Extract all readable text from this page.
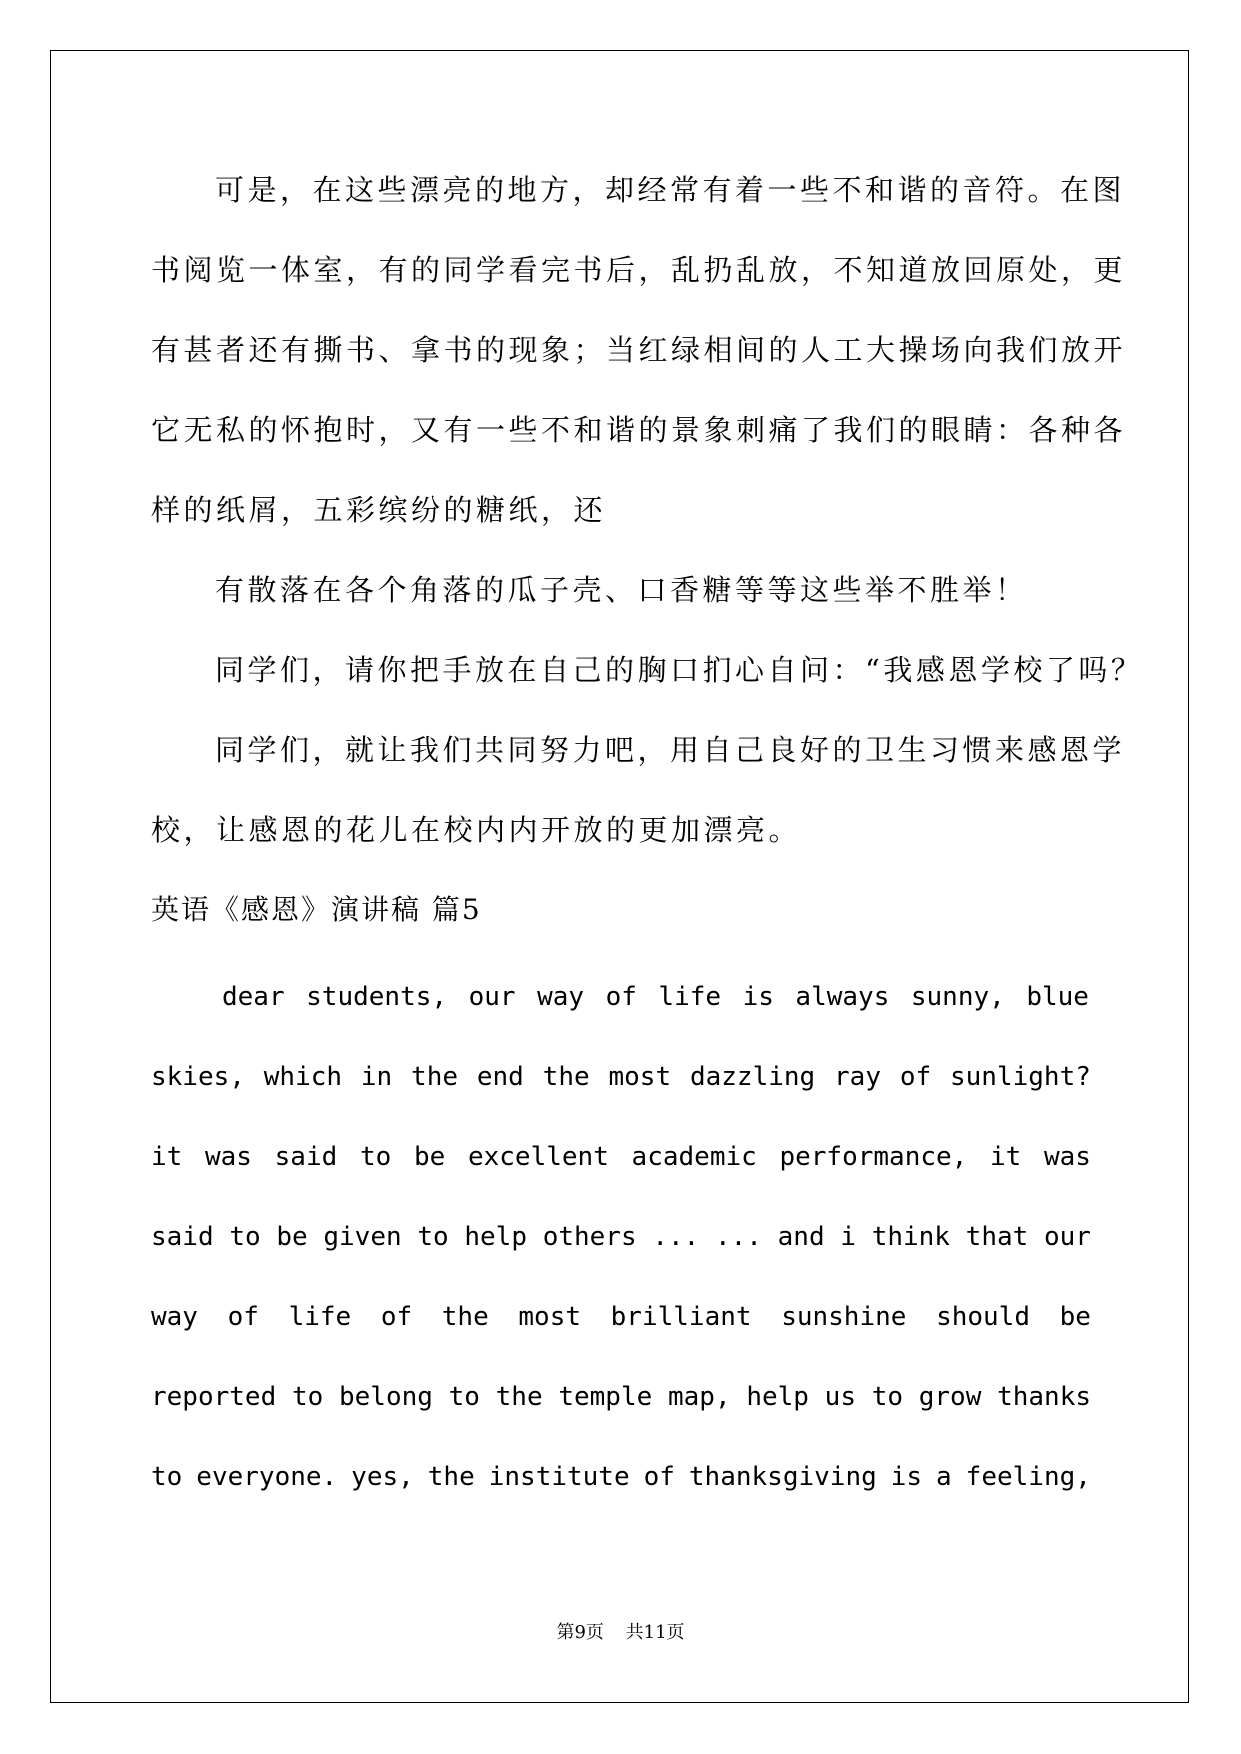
可是，在这些漂亮的地方，却经常有着一些不和谐的音符。在图
书阅览一体室，有的同学看完书后，乱扔乱放，不知道放回原处，更
有甚者还有撕书、拿书的现象；当红绿相间的人工大操场向我们放开
它无私的怀抱时，又有一些不和谐的景象刺痛了我们的眼睛：各种各
样的纸屑，五彩缤纷的糖纸，还
有散落在各个角落的瓜子壳、口香糖等等这些举不胜举！
同学们，请你把手放在自己的胸口扪心自问：“我感恩学校了吗？
同学们，就让我们共同努力吧，用自己良好的卫生习惯来感恩学
校，让感恩的花儿在校内内开放的更加漂亮。
英语《感恩》演讲稿 篇5
dear students, our way of life is always sunny, blue
skies, which in the end the most dazzling ray of sunlight?
it was said to be excellent academic performance, it was
said to be given to help others ... ... and i think that our
way of life of the most brilliant sunshine should be
reported to belong to the temple map, help us to grow thanks
to everyone. yes, the institute of thanksgiving is a feeling,
第9页 共11页
